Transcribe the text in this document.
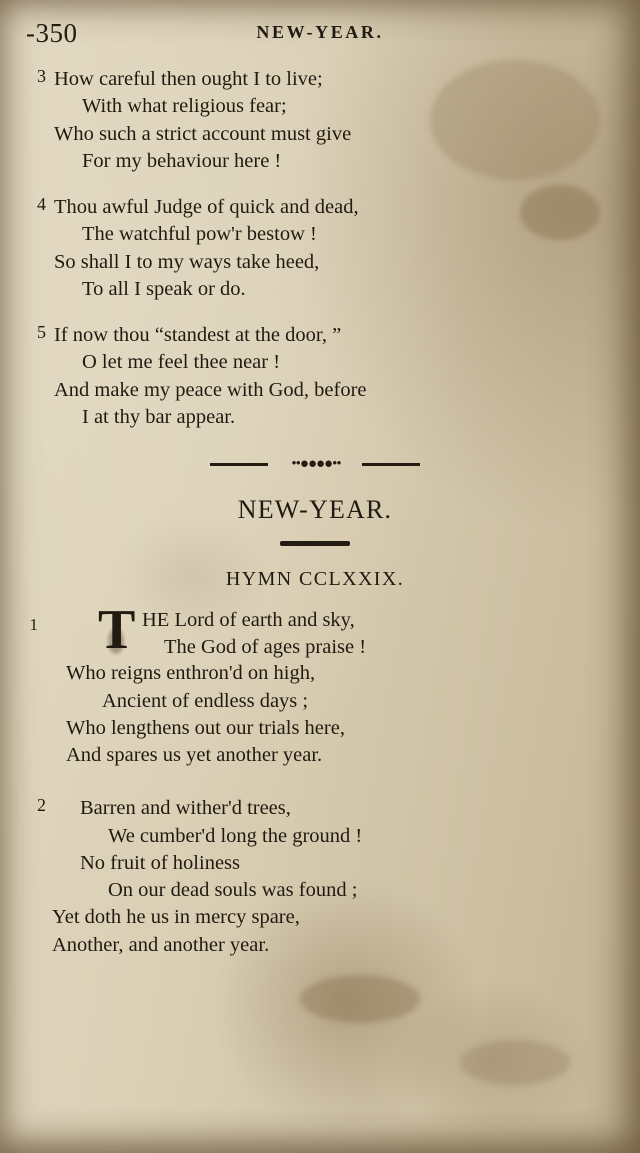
-350	NEW-YEAR.
3 How careful then ought I to live;
With what religious fear;
Who such a strict account must give
For my behaviour here !
4 Thou awful Judge of quick and dead,
The watchful pow'r bestow !
So shall I to my ways take heed,
To all I speak or do.
5 If now thou “standest at the door, ”
O let me feel thee near !
And make my peace with God, before
I at thy bar appear.
••●●●●••
NEW-YEAR.
HYMN CCLXXIX.
1 T HE Lord of earth and sky,
The God of ages praise !
Who reigns enthron'd on high,
Ancient of endless days ;
Who lengthens out our trials here,
And spares us yet another year.
2	Barren and wither'd trees,
We cumber'd long the ground !
No fruit of holiness
On our dead souls was found ;
Yet doth he us in mercy spare,
Another, and another year.
